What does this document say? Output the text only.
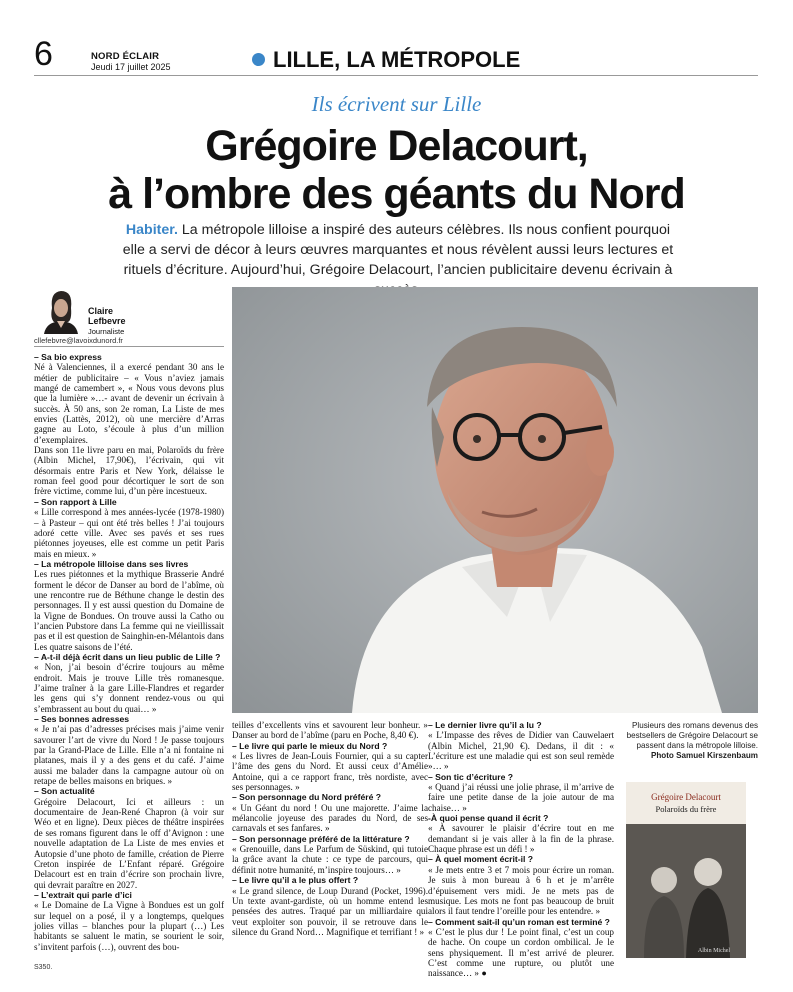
6	NORD ÉCLAIR
Jeudi 17 juillet 2025	LILLE, LA MÉTROPOLE
Ils écrivent sur Lille
Grégoire Delacourt,
à l’ombre des géants du Nord
Habiter. La métropole lilloise a inspiré des auteurs célèbres. Ils nous confient pourquoi elle a servi de décor à leurs œuvres marquantes et nous révèlent aussi leurs lectures et rituels d’écriture. Aujourd’hui, Grégoire Delacourt, l’ancien publicitaire devenu écrivain à
Claire
Lefbevre
Journaliste
cllefebvre@lavoixdunord.fr

– Sa bio express

Né à Valenciennes, il a exercé pendant 30 ans le métier de publicitaire – « Vous n’aviez jamais mangé de camembert », « Nous vous devons plus que la lumière »…- avant de devenir un écrivain à succès. À 50 ans, son 2e roman, La Liste de mes envies (Lattès, 2012), où une mercière d’Arras gagne au Loto, s’écoule à plus d’un million d’exemplaires.

Dans son 11e livre paru en mai, Polaroïds du frère (Albin Michel, 17,90€), l’écrivain, qui vit désormais entre Paris et New York, délaisse le roman feel good pour décortiquer le sort de son frère victime, comme lui, d’un père incestueux.

– Son rapport à Lille

« Lille correspond à mes années-lycée (1978-1980) – à Pasteur – qui ont été très belles ! J’ai toujours adoré cette ville. Avec ses pavés et ses rues piétonnes joyeuses, elle est comme un petit Paris mais en mieux. »

– La métropole lilloise dans ses livres

Les rues piétonnes et la mythique Brasserie André forment le décor de Danser au bord de l’abîme, où une rencontre rue de Béthune change le destin des personnages. Il y est aussi question du Domaine de la Vigne de Bondues. On trouve aussi la Catho ou l’ancien Pubstore dans La femme qui ne vieillissait pas et il est question de Sainghin-en-Mélantois dans Les quatre saisons de l’été.

– A-t-il déjà écrit dans un lieu public de Lille ?

« Non, j’ai besoin d’écrire toujours au même endroit. Mais je trouve Lille très romanesque. J’aime traîner à la gare Lille-Flandres et regarder les gens qui s’y donnent rendez-vous ou qui s’embrassent au bout du quai… »

– Ses bonnes adresses

« Je n’ai pas d’adresses précises mais j’aime venir savourer l’art de vivre du Nord ! Je passe toujours par la Grand-Place de Lille. Elle n’a ni fontaine ni platanes, mais il y a des gens et du café. J’aime aussi me balader dans la campagne autour où on retape de belles maisons en briques. »

– Son actualité

Grégoire Delacourt, Ici et ailleurs : un documentaire de Jean-René Chapron (à voir sur Wéo et en ligne). Deux pièces de théâtre inspirées de ses romans figurent dans le off d’Avignon : une nouvelle adaptation de La Liste de mes envies et Autopsie d’une photo de famille, création de Pierre Creton inspirée de L’Enfant réparé. Grégoire Delacourt est en train d’écrire son prochain livre, qui devrait paraître en 2027.

– L’extrait qui parle d’ici

« Le Domaine de La Vigne à Bondues est un golf sur lequel on a posé, il y a longtemps, quelques jolies villas – blanches pour la plupart (…) Les habitants se saluent le matin, se sourient le soir, s’invitent parfois (…), ouvrent des bou-

teilles d’excellents vins et savourent leur bonheur. » Danser au bord de l’abîme (paru en Poche, 8,40 €).

– Le livre qui parle le mieux du Nord ?

« Les livres de Jean-Louis Fournier, qui a su capter l’âme des gens du Nord. Et aussi ceux d’Amélie Antoine, qui a ce rapport franc, très nordiste, avec ses personnages. »

– Son personnage du Nord préféré ?

« Un Géant du nord ! Ou une majorette. J’aime la mélancolie joyeuse des parades du Nord, de ses carnavals et ses fanfares. »

– Son personnage préféré de la littérature ?

« Grenouille, dans Le Parfum de Süskind, qui tutoie la grâce avant la chute : ce type de parcours, qui définit notre humanité, m’inspire toujours… »

– Le livre qu’il a le plus offert ?

« Le grand silence, de Loup Durand (Pocket, 1996). Un texte avant-gardiste, où un homme entend les pensées des autres. Traqué par un milliardaire qui veut exploiter son pouvoir, il se retrouve dans le silence du Grand Nord… Magnifique et terrifiant ! »

– Le dernier livre qu’il a lu ?

« L’Impasse des rêves de Didier van Cauwelaert (Albin Michel, 21,90 €). Dedans, il dit : « L’écriture est une maladie qui est son seul remède »… »

– Son tic d’écriture ?

« Quand j’ai réussi une jolie phrase, il m’arrive de faire une petite danse de la joie autour de ma chaise… »

-À quoi pense quand il écrit ?

« À savourer le plaisir d’écrire tout en me demandant si je vais aller à la fin de la phrase. Chaque phrase est un défi ! »

– À quel moment écrit-il ?

« Je mets entre 3 et 7 mois pour écrire un roman. Je suis à mon bureau à 6 h et je m’arrête d’épuisement vers midi. Je ne mets pas de musique. Les mots ne font pas beaucoup de bruit alors il faut tendre l’oreille pour les entendre. »

– Comment sait-il qu’un roman est terminé ?

« C’est le plus dur ! Le point final, c’est un coup de hache. On coupe un cordon ombilical. Je le sens physiquement. Il m’est arrivé de pleurer. C’est comme une rupture, ou plutôt une naissance… » ●

Plusieurs des romans devenus des bestsellers de Grégoire Delacourt se passent dans la métropole lilloise. Photo Samuel Kirszenbaum
Grégoire Delacourt
Polaroïds du frère
Albin Michel
S350.
